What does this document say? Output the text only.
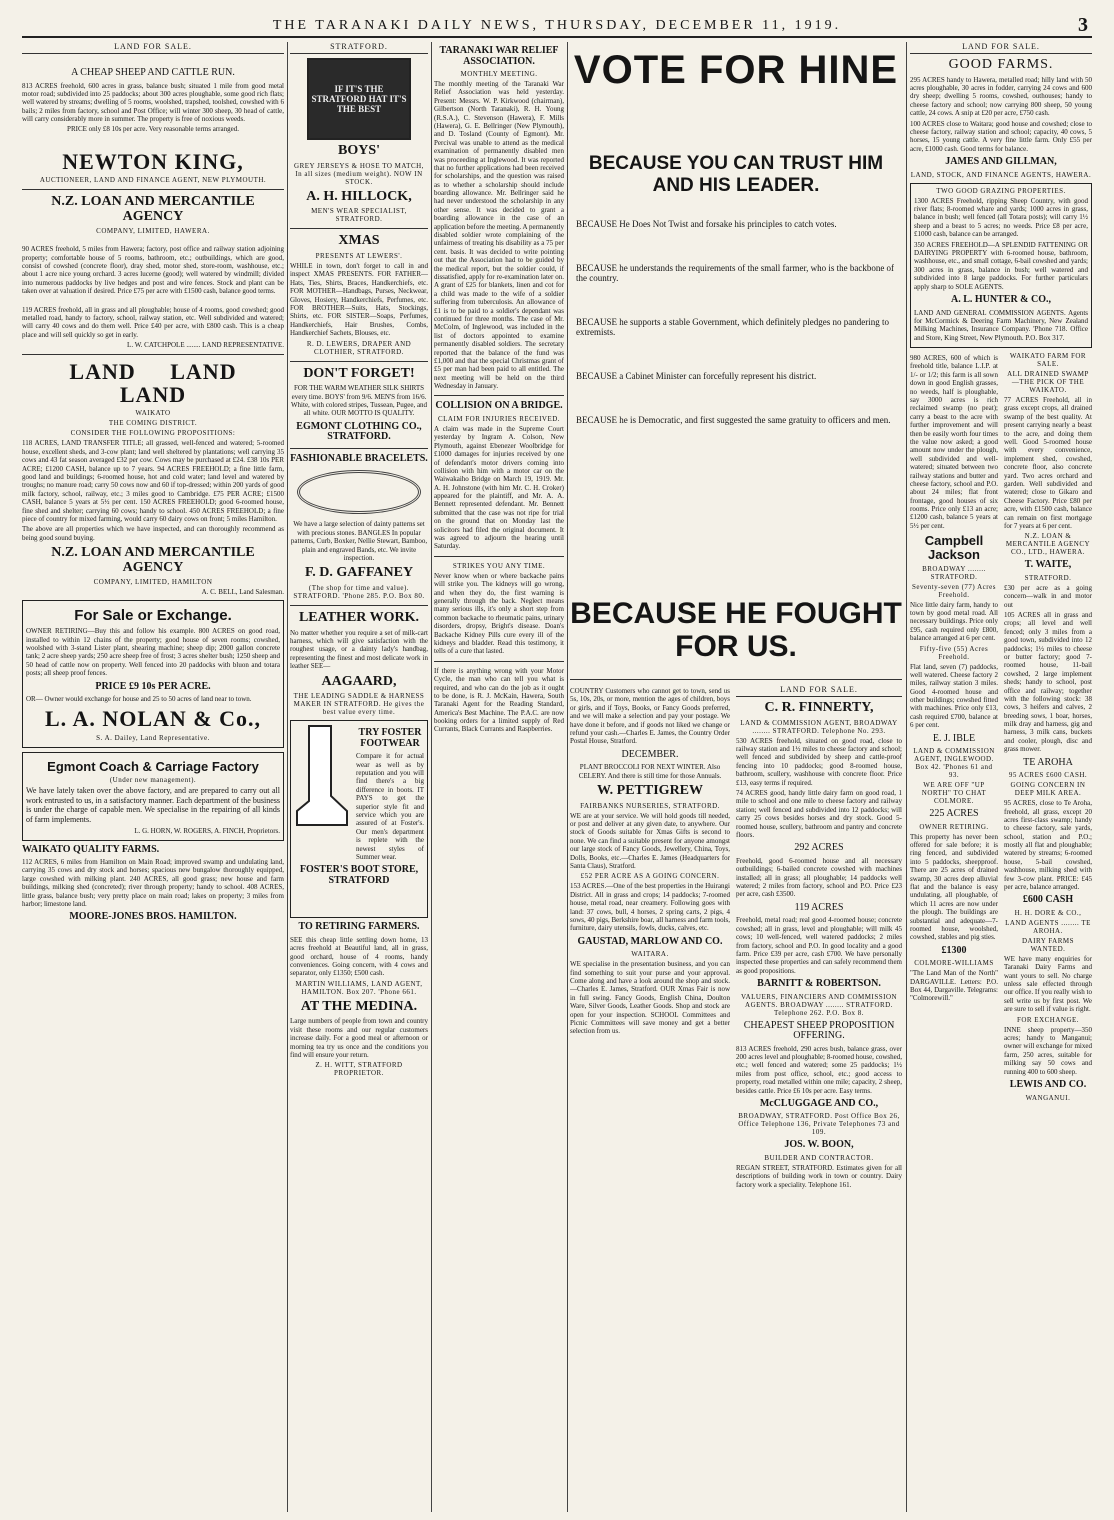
THE TARANAKI DAILY NEWS, THURSDAY, DECEMBER 11, 1919.	3
LAND FOR SALE.
A CHEAP SHEEP AND CATTLE RUN.
813 ACRES freehold, 600 acres in grass, balance bush; situated 1 mile from good metal motor road; subdivided into 25 paddocks; about 300 acres ploughable, some good rich flats; well watered by streams; dwelling of 5 rooms, woolshed, trapshed, toolshed, cowshed with 6 bails; 2 miles from factory, school and Post Office; will winter 300 sheep, 30 head of cattle, will carry considerably more in summer. The property is free of noxious weeds.
PRICE only £8 10s per acre. Very reasonable terms arranged.
NEWTON KING,
AUCTIONEER, LAND AND FINANCE AGENT, NEW PLYMOUTH.
N.Z. LOAN AND MERCANTILE AGENCY
COMPANY, LIMITED, HAWERA.
90 ACRES freehold, 5 miles from Hawera; factory, post office and railway station adjoining property; comfortable house of 5 rooms, bathroom, etc.; outbuildings, which are good, consist of cowshed (concrete floor), dray shed, motor shed, store-room, washhouse, etc.; about 1 acre nice young orchard. 3 acres lucerne (good); well watered by windmill; divided into numerous paddocks by live hedges and post and wire fences. Stock and plant can be taken over at valuation if desired. Price £75 per acre with £1500 cash, balance good terms.
119 ACRES freehold, all in grass and all ploughable; house of 4 rooms, good cowshed; good metalled road, handy to factory, school, railway station, etc. Well subdivided and watered; will carry 40 cows and do them well. Price £40 per acre, with £800 cash. This is a cheap place and will sell quickly so get in early.
L. W. CATCHPOLE ........ LAND REPRESENTATIVE.
LAND LAND LAND
WAIKATO
THE COMING DISTRICT.
CONSIDER THE FOLLOWING PROPOSITIONS:
118 ACRES, LAND TRANSFER TITLE; all grassed, well-fenced and watered; 5-roomed house, excellent sheds, and 3-cow plant; land well sheltered by plantations; well carrying 35 cows and 43 fat season averaged £32 per cow. Cows may be purchased at £24. £38 10s PER ACRE; £1200 CASH, balance up to 7 years. 94 ACRES FREEHOLD; a fine little farm, good land and buildings; 6-roomed house, hot and cold water; land level and watered by troughs; no manure road; carry 50 cows now and 60 if top-dressed; within 200 yards of good milk factory, school, railway, etc.; 3 miles good to Cambridge. £75 PER ACRE; £1500 CASH, balance 5 years at 5½ per cent. 150 ACRES FREEHOLD; good 6-roomed house, fine shed and shelter; carrying 60 cows; handy to school. 450 ACRES FREEHOLD; a fine piece of country for mixed farming, would carry 60 dairy cows on front; 5 miles Hamilton.
The above are all properties which we have inspected, and can thoroughly recommend as being good sound buying.
N.Z. LOAN AND MERCANTILE AGENCY
COMPANY, LIMITED, HAMILTON
A. C. BELL, Land Salesman.
For Sale or Exchange.
OWNER RETIRING—Buy this and follow his example. 800 ACRES on good road, installed to within 12 chains of the property; good house of seven rooms; cowshed, woolshed with 3-stand Lister plant, shearing machine; sheep dip; 2000 gallon concrete tank; 2 acre sheep yards; 250 acre sheep free of frost; 3 acres shelter bush; 1250 sheep and 50 head of cattle now on property. Well fenced into 20 paddocks with bluon and totara posts; all sheep proof fences.
PRICE £9 10s PER ACRE.
OR— Owner would exchange for house and 25 to 50 acres of land near to town.
L. A. NOLAN & Co.,
S. A. Dailey, Land Representative.
Egmont Coach & Carriage Factory
(Under new management).
We have lately taken over the above factory, and are prepared to carry out all work entrusted to us, in a satisfactory manner. Each department of the business is under the charge of capable men. We specialise in the repairing of all kinds of farm implements.
L. G. HORN, W. ROGERS, A. FINCH, Proprietors.
WAIKATO QUALITY FARMS.
112 ACRES, 6 miles from Hamilton on Main Road; improved swamp and undulating land, carrying 35 cows and dry stock and horses; spacious new bungalow thoroughly equipped, large cowshed with milking plant. 240 ACRES, all good grass; new house and farm buildings, milking shed (concreted); river through property; handy to school. 408 ACRES, little grass, balance bush; very pretty place on main road; lakes on property; 3 miles from harbor; limestone land.
MOORE-JONES BROS. HAMILTON.
STRATFORD.
IF IT'S THE STRATFORD HAT IT'S THE BEST
BOYS'
GREY JERSEYS & HOSE TO MATCH, In all sizes (medium weight). NOW IN STOCK.
A. H. HILLOCK,
MEN'S WEAR SPECIALIST, STRATFORD.
XMAS
PRESENTS AT LEWERS'.
WHILE in town, don't forget to call in and inspect XMAS PRESENTS. FOR FATHER—Hats, Ties, Shirts, Braces, Handkerchiefs, etc. FOR MOTHER—Handbags, Purses, Neckwear, Gloves, Hosiery, Handkerchiefs, Perfumes, etc. FOR BROTHER—Suits, Hats, Stockings, Shirts, etc. FOR SISTER—Soaps, Perfumes, Handkerchiefs, Hair Brushes, Combs, Handkerchief Sachets, Blouses, etc.
R. D. LEWERS, DRAPER AND CLOTHIER, STRATFORD.
DON'T FORGET!
FOR THE WARM WEATHER SILK SHIRTS every time. BOYS' from 9/6. MEN'S from 16/6. White, with colored stripes, Tussean, Pugee, and all white. OUR MOTTO IS QUALITY.
EGMONT CLOTHING CO., STRATFORD.
FASHIONABLE BRACELETS.
We have a large selection of dainty patterns set with precious stones. BANGLES In popular patterns, Curb, Boxker, Nellie Stewart, Bamboo, plain and engraved Bands, etc. We invite inspection.
F. D. GAFFANEY
(The shop for time and value). STRATFORD. 'Phone 285. P.O. Box 80.
LEATHER WORK.
No matter whether you require a set of milk-cart harness, which will give satisfaction with the roughest usage, or a dainty lady's handbag, representing the finest and most delicate work in leather SEE—
AAGAARD,
THE LEADING SADDLE & HARNESS MAKER IN STRATFORD. He gives the best value every time.
TRY FOSTER FOOTWEAR
Compare it for actual wear as well as by reputation and you will find there's a big difference in boots. IT PAYS to get the superior style fit and service which you are assured of at Foster's. Our men's department is replete with the newest styles of Summer wear.
FOSTER'S BOOT STORE, STRATFORD
TO RETIRING FARMERS.
SEE this cheap little settling down home, 13 acres freehold at Beautiful land, all in grass, good orchard, house of 4 rooms, handy conveniences. Going concern, with 4 cows and separator, only £1350; £500 cash.
MARTIN WILLIAMS, LAND AGENT, HAMILTON. Box 207. 'Phone 661.
AT THE MEDINA.
Large numbers of people from town and country visit these rooms and our regular customers increase daily. For a good meal or afternoon or morning tea try us once and the conditions you find will ensure your return.
Z. H. WITT, STRATFORD PROPRIETOR.
TARANAKI WAR RELIEF ASSOCIATION.
MONTHLY MEETING.
The monthly meeting of the Taranaki War Relief Association was held yesterday. Present: Messrs. W. P. Kirkwood (chairman), Gilbertson (North Taranaki), R. H. Young (R.S.A.), C. Stevenson (Hawera), F. Mills (Hawera), G. E. Bellringer (New Plymouth), and D. Tosland (County of Egmont). Mr. Percival was unable to attend as the medical examination of permanently disabled men was proceeding at Inglewood. It was reported that no further applications had been received for scholarships, and the question was raised as to whether a scholarship should include boarding allowance. Mr. Bellringer said he had never understood the scholarship in any other sense. It was decided to grant a boarding allowance in the case of an application before the meeting. A permanently disabled soldier wrote complaining of the unfairness of treating his disability as a 75 per cent. basis. It was decided to write pointing out that the Association had to be guided by the medical report, but the soldier could, if dissatisfied, apply for re-examination later on. A grant of £25 for blankets, linen and cot for a child was made to the wife of a soldier suffering from tuberculosis. An allowance of £1 is to be paid to a soldier's dependant was continued for three months. The case of Mr. McColm, of Inglewood, was included in the list of doctors appointed to examine permanently disabled soldiers. The secretary reported that the balance of the fund was £1,000 and that the special Christmas grant of £5 per man had been paid to all entitled. The next meeting will be held on the third Wednesday in January.
COLLISION ON A BRIDGE.
CLAIM FOR INJURIES RECEIVED.
A claim was made in the Supreme Court yesterday by Ingram A. Colson, New Plymouth, against Ebenezer Woolbridge for £1000 damages for injuries received by one of defendant's motor drivers coming into collision with him with a motor car on the Waiwakaiho Bridge on March 19, 1919. Mr. A. H. Johnstone (with him Mr. C. H. Croker) appeared for the plaintiff, and Mr. A. A. Bennett represented defendant. Mr. Bennett submitted that the case was not ripe for trial on the ground that on Monday last the solicitors had filed the original document. It was agreed to adjourn the hearing until Saturday.
STRIKES YOU ANY TIME.
Never know when or where backache pains will strike you. The kidneys will go wrong, and when they do, the first warning is generally through the back. Neglect means many serious ills, it's only a short step from common backache to rheumatic pains, urinary disorders, dropsy, Bright's disease. Doan's Backache Kidney Pills cure every ill of the kidneys and bladder. Read this testimony, it tells of a cure that lasted.
If there is anything wrong with your Motor Cycle, the man who can tell you what is required, and who can do the job as it ought to be done, is R. J. McKain, Hawera, South Taranaki Agent for the Reading Standard, America's Best Machine. The P.A.C. are now booking orders for a limited supply of Red Currants, Black Currants and Raspberries.
VOTE FOR HINE
BECAUSE YOU CAN TRUST HIM AND HIS LEADER.
BECAUSE He Does Not Twist and forsake his principles to catch votes.
BECAUSE he understands the requirements of the small farmer, who is the backbone of the country.
BECAUSE he supports a stable Government, which definitely pledges no pandering to extremists.
BECAUSE a Cabinet Minister can forcefully represent his district.
BECAUSE he is Democratic, and first suggested the same gratuity to officers and men.
BECAUSE HE FOUGHT FOR US.
COUNTRY Customers who cannot get to town, send us 5s, 10s, 20s, or more, mention the ages of children, boys or girls, and if Toys, Books, or Fancy Goods preferred, and we will make a selection and pay your postage. We have done it before, and if goods not liked we change or refund your cash.—Charles E. James, the Country Order Postal House, Stratford.
DECEMBER.
PLANT BROCCOLI FOR NEXT WINTER. Also CELERY. And there is still time for those Annuals.
W. PETTIGREW
FAIRBANKS NURSERIES, STRATFORD.
WE are at your service. We will hold goods till needed, or post and deliver at any given date, to anywhere. Our stock of Goods suitable for Xmas Gifts is second to none. We can find a suitable present for anyone amongst our large stock of Fancy Goods, Jewellery, China, Toys, Dolls, Books, etc.—Charles E. James (Headquarters for Santa Claus), Stratford.
£52 PER ACRE AS A GOING CONCERN.
153 ACRES.—One of the best properties in the Huirangi District. All in grass and crops; 14 paddocks; 7-roomed house, metal road, near creamery. Following goes with land: 37 cows, bull, 4 horses, 2 spring carts, 2 pigs, 4 sows, 40 pigs, Berkshire boar, all harness and farm tools, furniture, dairy utensils, fowls, ducks, calves, etc.
GAUSTAD, MARLOW AND CO.
WAITARA.
WE specialise in the presentation business, and you can find something to suit your purse and your approval. Come along and have a look around the shop and stock.—Charles E. James, Stratford. OUR Xmas Fair is now in full swing. Fancy Goods, English China, Doulton Ware, Silver Goods, Leather Goods. Shop and stock are open for your inspection. SCHOOL Committees and Picnic Committees will save money and get a better selection from us.
LAND FOR SALE.
C. R. FINNERTY,
LAND & COMMISSION AGENT, BROADWAY ........ STRATFORD. Telephone No. 293.
530 ACRES freehold, situated on good road, close to railway station and 1½ miles to cheese factory and school; well fenced and subdivided by sheep and cattle-proof fencing into 10 paddocks; good 8-roomed house, bathroom, scullery, washhouse with concrete floor. Price £13, easy terms if required.
74 ACRES good, handy little dairy farm on good road, 1 mile to school and one mile to cheese factory and railway station; well fenced and subdivided into 12 paddocks; will carry 25 cows besides horses and dry stock. Good 5-roomed house, scullery, bathroom and pantry and concrete floors.
292 ACRES
Freehold, good 6-roomed house and all necessary outbuildings; 6-bailed concrete cowshed with machines installed; all in grass; all ploughable; 14 paddocks well watered; 2 miles from factory, school and P.O. Price £23 per acre, cash £3500.
119 ACRES
Freehold, metal road; real good 4-roomed house; concrete cowshed; all in grass, level and ploughable; will milk 45 cows; 10 well-fenced, well watered paddocks; 2 miles from factory, school and P.O. In good locality and a good farm. Price £39 per acre, cash £700. We have personally inspected these properties and can safely recommend them as good propositions.
BARNITT & ROBERTSON.
VALUERS, FINANCIERS AND COMMISSION AGENTS. BROADWAY ........ STRATFORD. Telephone 262. P.O. Box 8.
CHEAPEST SHEEP PROPOSITION OFFERING.
813 ACRES freehold, 290 acres bush, balance grass, over 200 acres level and ploughable; 8-roomed house, cowshed, etc.; well fenced and watered; some 25 paddocks; 1½ miles from post office, school, etc.; good access to property, road metalled within one mile; capacity, 2 sheep, besides cattle. Price £6 10s per acre. Easy terms.
McCLUGGAGE AND CO.,
BROADWAY, STRATFORD. Post Office Box 26, Office Telephone 136, Private Telephones 73 and 109.
JOS. W. BOON,
BUILDER AND CONTRACTOR.
REGAN STREET, STRATFORD. Estimates given for all descriptions of building work in town or country. Dairy factory work a speciality. Telephone 161.
LAND FOR SALE.
GOOD FARMS.
295 ACRES handy to Hawera, metalled road; hilly land with 50 acres ploughable, 30 acres in fodder, carrying 24 cows and 600 dry sheep; dwelling 5 rooms, cowshed, outhouses; handy to cheese factory and school; now carrying 800 sheep, 50 young cattle, 24 cows. A snip at £20 per acre, £750 cash.
100 ACRES close to Waitara; good house and cowshed; close to cheese factory, railway station and school; capacity, 40 cows, 5 horses, 15 young cattle. A very fine little farm. Only £55 per acre, £1000 cash. Good terms for balance.
JAMES AND GILLMAN,
LAND, STOCK, AND FINANCE AGENTS, HAWERA.
TWO GOOD GRAZING PROPERTIES.
1300 ACRES Freehold, ripping Sheep Country, with good river flats; 8-roomed whare and yards; 1000 acres in grass, balance in bush; well fenced (all Totara posts); will carry 1½ sheep and a beast to 5 acres; no weeds. Price £8 per acre, £1000 cash, balance can be arranged.
350 ACRES FREEHOLD—A SPLENDID FATTENING OR DAIRYING PROPERTY with 6-roomed house, bathroom, washhouse, etc., and small cottage, 6-bail cowshed and yards; 300 acres in grass, balance in bush; well watered and subdivided into 8 large paddocks. For further particulars apply sharp to SOLE AGENTS.
A. L. HUNTER & CO.,
LAND AND GENERAL COMMISSION AGENTS. Agents for McCormick & Deering Farm Machinery, New Zealand Milking Machines, Insurance Company. 'Phone 718. Office and Store, King Street, New Plymouth. P.O. Box 317.
980 ACRES, 600 of which is freehold title, balance L.I.P. at 1/- or 1/2; this farm is all sown down in good English grasses, no weeds, half is ploughable, say 3000 acres is rich reclaimed swamp (no peat); carry a beast to the acre with further improvement and will then be easily worth four times the value now asked; a good amount now under the plough, well subdivided and well-watered; situated between two railway stations and butter and cheese factory, school and P.O. about 24 miles; flat front frontage, good houses of six rooms. Price only £13 an acre; £1200 cash, balance 5 years at 5½ per cent.
Campbell Jackson
BROADWAY ........ STRATFORD.
Seventy-seven (77) Acres Freehold.
Nice little dairy farm, handy to town by good metal road. All necessary buildings. Price only £95, cash required only £800, balance arranged at 6 per cent.
Fifty-five (55) Acres Freehold.
Flat land, seven (7) paddocks, well watered. Cheese factory 2 miles, railway station 3 miles. Good 4-roomed house and other buildings; cowshed fitted with machines. Price only £13, cash required £700, balance at 6 per cent.
E. J. IBLE
LAND & COMMISSION AGENT, INGLEWOOD. Box 42. 'Phones 61 and 93.
WE ARE OFF "UP NORTH" TO CHAT COLMORE.
225 ACRES
OWNER RETIRING.
This property has never been offered for sale before; it is ring fenced, and subdivided into 5 paddocks, sheepproof. There are 25 acres of drained swamp, 30 acres deep alluvial flat and the balance is easy undulating, all ploughable, of which 11 acres are now under the plough. The buildings are substantial and adequate—7-roomed house, woolshed, cowshed, stables and pig sties.
£1300
COLMORE-WILLIAMS
"The Land Man of the North" DARGAVILLE. Letters: P.O. Box 44, Dargaville. Telegrams: "Colmorewill."
WAIKATO FARM FOR SALE.
ALL DRAINED SWAMP—THE PICK OF THE WAIKATO.
77 ACRES Freehold, all in grass except crops, all drained swamp of the best quality. At present carrying nearly a beast to the acre, and doing them well. Good 5-roomed house with every convenience, implement shed, cowshed, concrete floor, also concrete yard. Two acres orchard and garden. Well subdivided and watered; close to Gikaro and Cheese Factory. Price £80 per acre, with £1500 cash, balance can remain on first mortgage for 7 years at 6 per cent.
N.Z. LOAN & MERCANTILE AGENCY CO., LTD., HAWERA.
T. WAITE,
STRATFORD.
£30 per acre as a going concern—walk in and motor out
105 ACRES all in grass and crops; all level and well fenced; only 3 miles from a good town, subdivided into 12 paddocks; 1½ miles to cheese or butter factory; good 7-roomed house, 11-bail cowshed, 2 large implement sheds; handy to school, post office and railway; together with the following stock: 38 cows, 3 heifers and calves, 2 breeding sows, 1 boar, horses, milk dray and harness, gig and harness, 3 milk cans, buckets and cooler, plough, disc and grass mower.
TE AROHA
95 ACRES £600 CASH.
GOING CONCERN IN DEEP MILK AREA.
95 ACRES, close to Te Aroha, freehold, all grass, except 20 acres first-class swamp; handy to cheese factory, sale yards, school, station and P.O.; mostly all flat and ploughable; watered by streams; 6-roomed house, 5-bail cowshed, washhouse, milking shed with few 3-cow plant. PRICE: £45 per acre, balance arranged.
£600 CASH
H. H. DORE & CO.,
LAND AGENTS ........ TE AROHA.
DAIRY FARMS WANTED.
WE have many enquiries for Taranaki Dairy Farms and want yours to sell. No charge unless sale effected through our office. If you really wish to sell write us by first post. We are sure to sell if value is right.
FOR EXCHANGE.
INNE sheep property—350 acres; handy to Manganui; owner will exchange for mixed farm, 250 acres, suitable for milking say 50 cows and running 400 to 600 sheep.
LEWIS AND CO.
WANGANUI.
